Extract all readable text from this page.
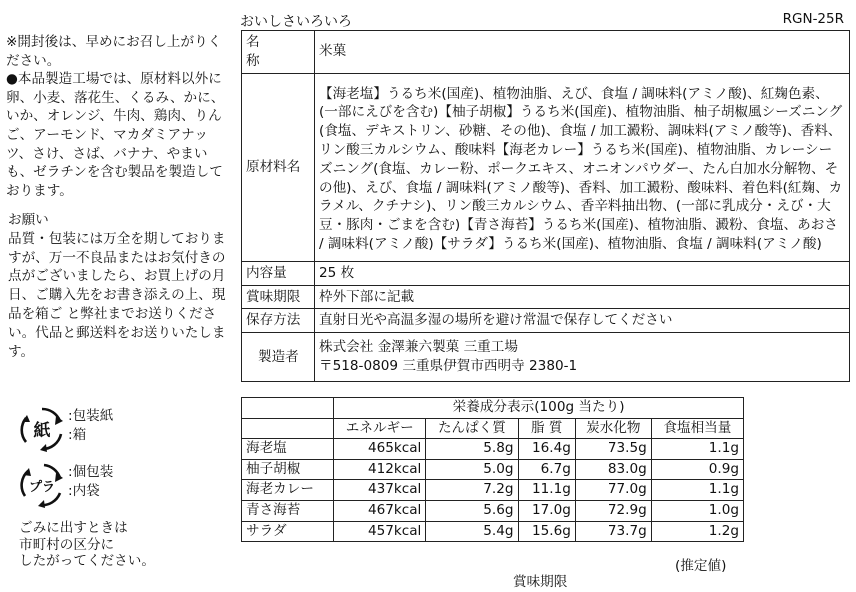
おいしさいろいろ	RGN-25R
※開封後は、早めにお召し上がりください。
●本品製造工場では、原材料以外に卵、小麦、落花生、くるみ、かに、いか、オレンジ、牛肉、鶏肉、りんご、アーモンド、マカダミアナッツ、さけ、さば、バナナ、やまいも、ゼラチンを含む製品を製造しております。
お願い
品質・包装には万全を期しておりますが、万一不良品またはお気付きの点がございましたら、お買上げの月日、ご購入先をお書き添えの上、現品を箱ご と弊社までお送りください。代品と郵送料をお送りいたします。
名称	米菓
原材料名	【海老塩】うるち米(国産)、植物油脂、えび、食塩 / 調味料(アミノ酸)、紅麹色素、(一部にえびを含む)【柚子胡椒】うるち米(国産)、植物油脂、柚子胡椒風シーズニング(食塩、デキストリン、砂糖、その他)、食塩 / 加工澱粉、調味料(アミノ酸等)、香料、リン酸三カルシウム、酸味料【海老カレー】うるち米(国産)、植物油脂、カレーシーズニング(食塩、カレー粉、ポークエキス、オニオンパウダー、たん白加水分解物、その他)、えび、食塩 / 調味料(アミノ酸等)、香料、加工澱粉、酸味料、着色料(紅麹、カラメル、クチナシ)、リン酸三カルシウム、香辛料抽出物、(一部に乳成分・えび・大豆・豚肉・ごまを含む)【青さ海苔】うるち米(国産)、植物油脂、澱粉、食塩、あおさ / 調味料(アミノ酸)【サラダ】うるち米(国産)、植物油脂、食塩 / 調味料(アミノ酸)
内容量	25 枚
賞味期限	枠外下部に記載
保存方法	直射日光や高温多湿の場所を避け常温で保存してください
製造者	株式会社 金澤兼六製菓 三重工場
〒518-0809 三重県伊賀市西明寺 2380-1
	栄養成分表示(100g 当たり)				
	エネルギー	たんぱく質	脂 質	炭水化物	食塩相当量
海老塩	465kcal	5.8g	16.4g	73.5g	1.1g
柚子胡椒	412kcal	5.0g	6.7g	83.0g	0.9g
海老カレー	437kcal	7.2g	11.1g	77.0g	1.1g
青さ海苔	467kcal	5.6g	17.0g	72.9g	1.0g
サラダ	457kcal	5.4g	15.6g	73.7g	1.2g
(推定値)
賞味期限
紙
:包装紙
:箱
プラ
:個包装
:内袋
ごみに出すときは
市町村の区分に
したがってください。
